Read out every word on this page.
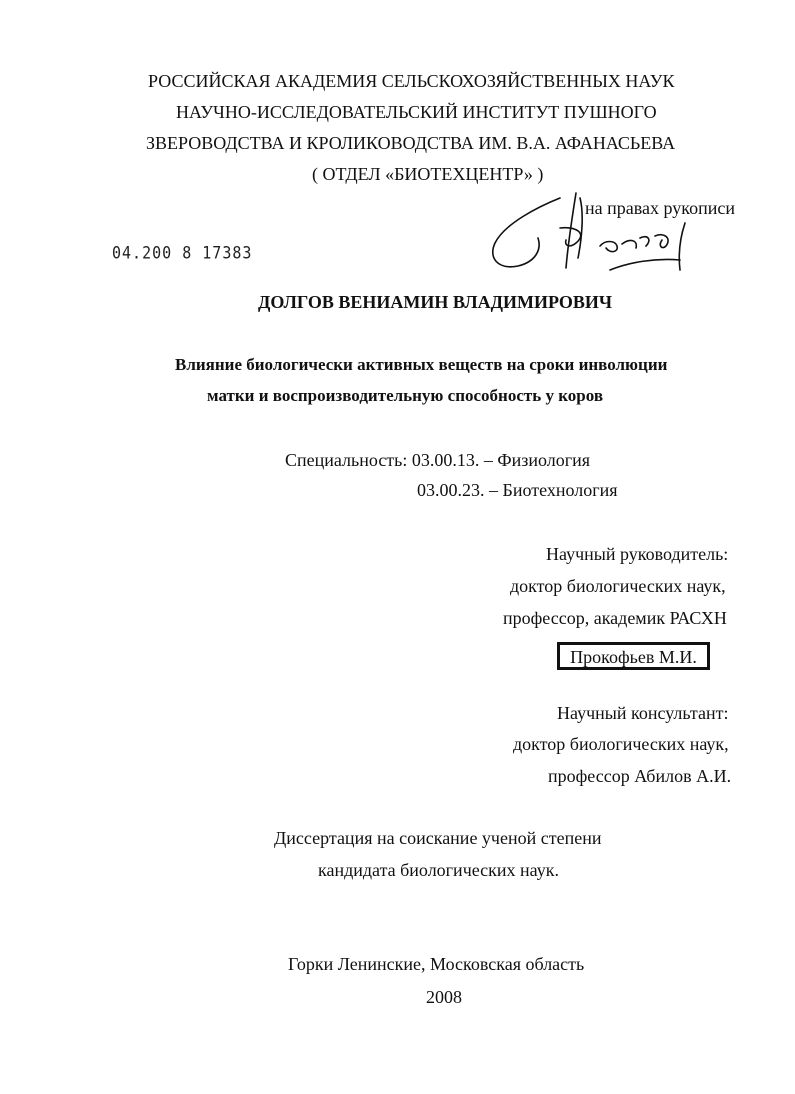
РОССИЙСКАЯ АКАДЕМИЯ СЕЛЬСКОХОЗЯЙСТВЕННЫХ НАУК
НАУЧНО-ИССЛЕДОВАТЕЛЬСКИЙ ИНСТИТУТ ПУШНОГО
ЗВЕРОВОДСТВА И КРОЛИКОВОДСТВА ИМ. В.А. АФАНАСЬЕВА
( ОТДЕЛ «БИОТЕХЦЕНТР» )
на правах рукописи
04.200 8 17383
ДОЛГОВ ВЕНИАМИН ВЛАДИМИРОВИЧ
Влияние биологически активных веществ на сроки инволюции
матки и воспроизводительную способность у коров
Специальность: 03.00.13. – Физиология
03.00.23. – Биотехнология
Научный руководитель:
доктор биологических наук,
профессор, академик РАСХН
Прокофьев М.И.
Научный консультант:
доктор биологических наук,
профессор Абилов А.И.
Диссертация на соискание ученой степени
кандидата биологических наук.
Горки Ленинские, Московская область
2008
